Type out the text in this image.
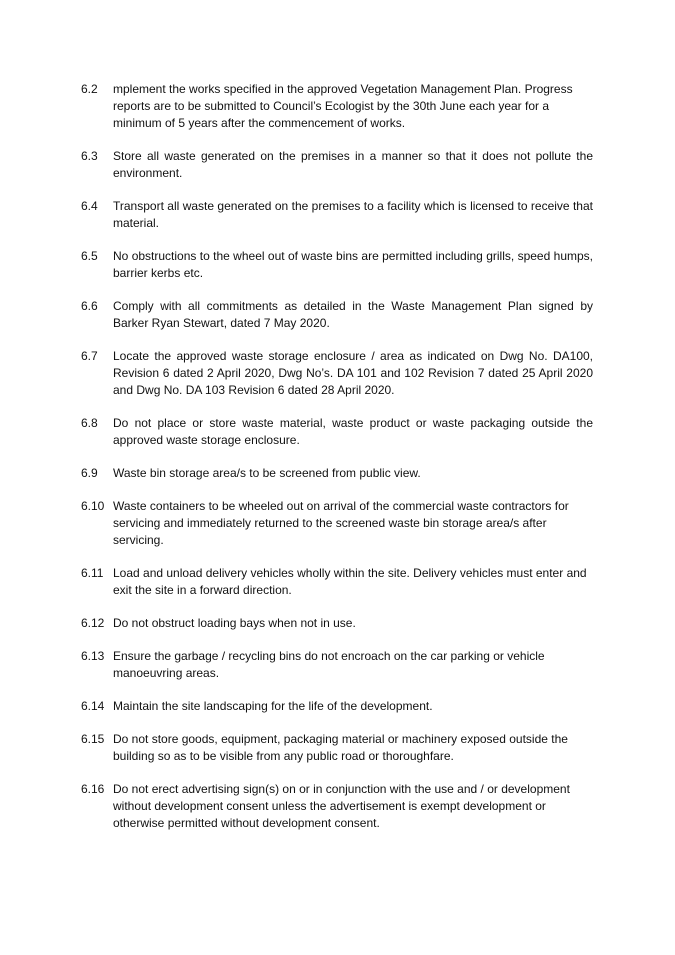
6.2	mplement the works specified in the approved Vegetation Management Plan. Progress reports are to be submitted to Council’s Ecologist by the 30th June each year for a minimum of 5 years after the commencement of works.
6.3	Store all waste generated on the premises in a manner so that it does not pollute the environment.
6.4	Transport all waste generated on the premises to a facility which is licensed to receive that material.
6.5	No obstructions to the wheel out of waste bins are permitted including grills, speed humps, barrier kerbs etc.
6.6	Comply with all commitments as detailed in the Waste Management Plan signed by Barker Ryan Stewart, dated 7 May 2020.
6.7	Locate the approved waste storage enclosure / area as indicated on Dwg No. DA100, Revision 6 dated 2 April 2020, Dwg No’s. DA 101 and 102 Revision 7 dated 25 April 2020 and Dwg No. DA 103 Revision 6 dated 28 April 2020.
6.8	Do not place or store waste material, waste product or waste packaging outside the approved waste storage enclosure.
6.9	Waste bin storage area/s to be screened from public view.
6.10 Waste containers to be wheeled out on arrival of the commercial waste contractors for servicing and immediately returned to the screened waste bin storage area/s after servicing.
6.11 Load and unload delivery vehicles wholly within the site. Delivery vehicles must enter and exit the site in a forward direction.
6.12 Do not obstruct loading bays when not in use.
6.13 Ensure the garbage / recycling bins do not encroach on the car parking or vehicle manoeuvring areas.
6.14 Maintain the site landscaping for the life of the development.
6.15 Do not store goods, equipment, packaging material or machinery exposed outside the building so as to be visible from any public road or thoroughfare.
6.16 Do not erect advertising sign(s) on or in conjunction with the use and / or development without development consent unless the advertisement is exempt development or otherwise permitted without development consent.
